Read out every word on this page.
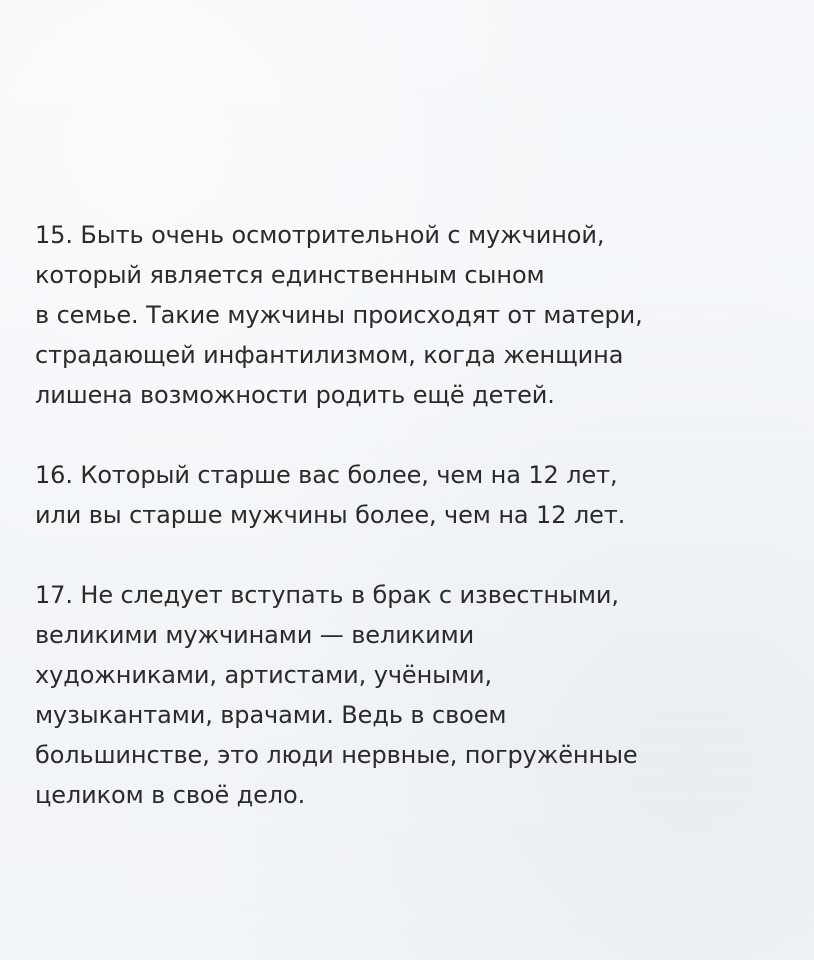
15. Быть очень осмотрительной с мужчиной,
который является единственным сыном
в семье. Такие мужчины происходят от матери,
страдающей инфантилизмом, когда женщина
лишена возможности родить ещё детей.

16. Который старше вас более, чем на 12 лет,
или вы старше мужчины более, чем на 12 лет.

17. Не следует вступать в брак с известными,
великими мужчинами — великими
художниками, артистами, учёными,
музыкантами, врачами. Ведь в своем
большинстве, это люди нервные, погружённые
целиком в своё дело.
